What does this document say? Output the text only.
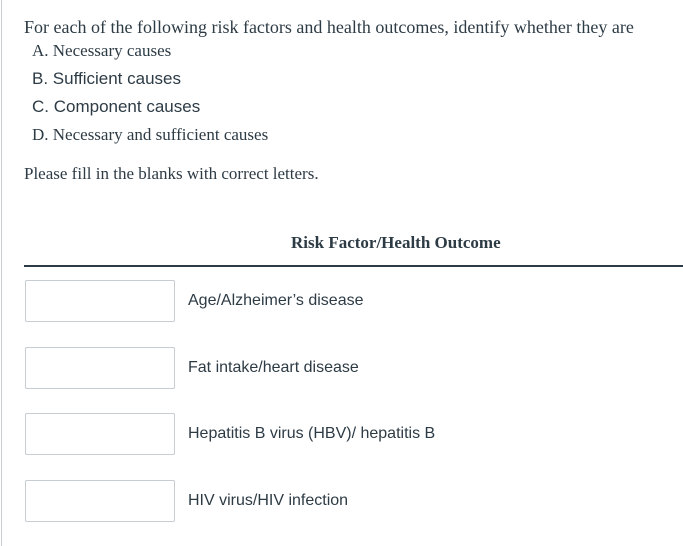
For each of the following risk factors and health outcomes, identify whether they are
A. Necessary causes
B. Sufficient causes
C. Component causes
D. Necessary and sufficient causes
Please fill in the blanks with correct letters.
Risk Factor/Health Outcome
Age/Alzheimer’s disease
Fat intake/heart disease
Hepatitis B virus (HBV)/ hepatitis B
HIV virus/HIV infection
